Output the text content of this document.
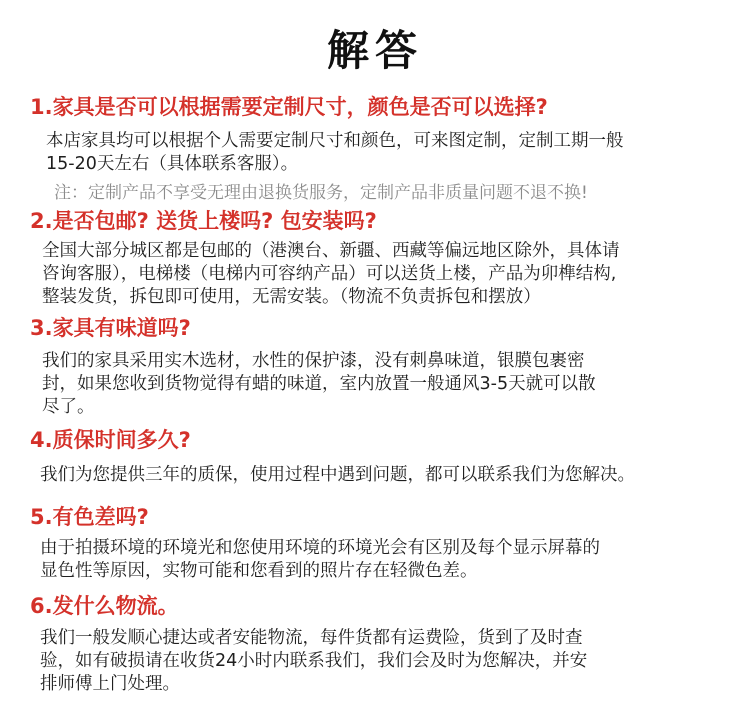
解答
1.家具是否可以根据需要定制尺寸，颜色是否可以选择?
本店家具均可以根据个人需要定制尺寸和颜色，可来图定制，定制工期一般
15-20天左右（具体联系客服）。
注：定制产品不享受无理由退换货服务，定制产品非质量问题不退不换!
2.是否包邮? 送货上楼吗? 包安装吗?
全国大部分城区都是包邮的（港澳台、新疆、西藏等偏远地区除外，具体请
咨询客服），电梯楼（电梯内可容纳产品）可以送货上楼，产品为卯榫结构,
整装发货，拆包即可使用，无需安装。（物流不负责拆包和摆放）
3.家具有味道吗?
我们的家具采用实木选材，水性的保护漆，没有刺鼻味道，银膜包裹密
封，如果您收到货物觉得有蜡的味道，室内放置一般通风3-5天就可以散
尽了。
4.质保时间多久?
我们为您提供三年的质保，使用过程中遇到问题，都可以联系我们为您解决。
5.有色差吗?
由于拍摄环境的环境光和您使用环境的环境光会有区别及每个显示屏幕的
显色性等原因，实物可能和您看到的照片存在轻微色差。
6.发什么物流。
我们一般发顺心捷达或者安能物流，每件货都有运费险，货到了及时查
验，如有破损请在收货24小时内联系我们，我们会及时为您解决，并安
排师傅上门处理。
